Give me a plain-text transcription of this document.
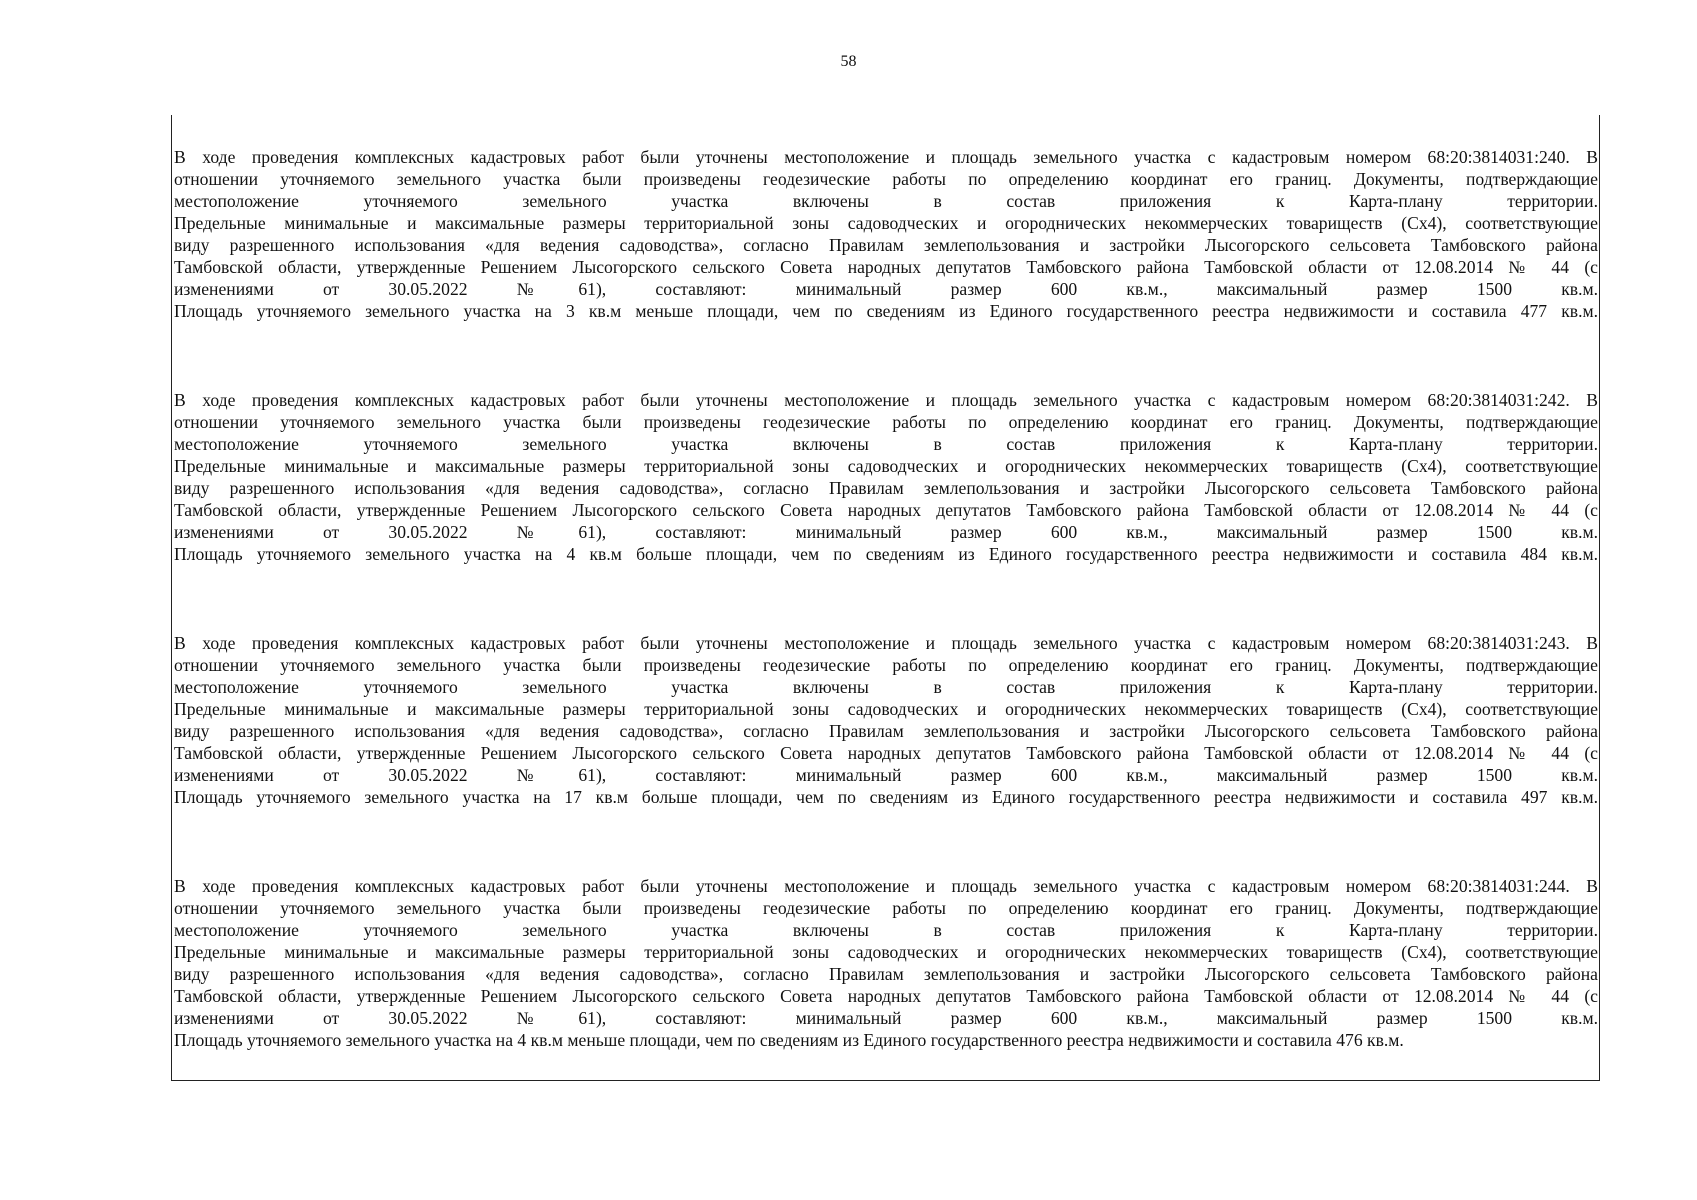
58
В ходе проведения комплексных кадастровых работ были уточнены местоположение и площадь земельного участка с кадастровым номером 68:20:3814031:240. В
отношении уточняемого земельного участка были произведены геодезические работы по определению координат его границ. Документы, подтверждающие
местоположение уточняемого земельного участка включены в состав приложения к Карта-плану территории.
Предельные минимальные и максимальные размеры территориальной зоны садоводческих и огороднических некоммерческих товариществ (Сх4), соответствующие
виду разрешенного использования «для ведения садоводства», согласно Правилам землепользования и застройки Лысогорского сельсовета Тамбовского района
Тамбовской области, утвержденные Решением Лысогорского сельского Совета народных депутатов Тамбовского района Тамбовской области от 12.08.2014 № 44 (с
изменениями от 30.05.2022 №61), составляют: минимальный размер 600 кв.м., максимальный размер 1500 кв.м.
Площадь уточняемого земельного участка на 3 кв.м меньше площади, чем по сведениям из Единого государственного реестра недвижимости и составила 477 кв.м.
В ходе проведения комплексных кадастровых работ были уточнены местоположение и площадь земельного участка с кадастровым номером 68:20:3814031:242. В
отношении уточняемого земельного участка были произведены геодезические работы по определению координат его границ. Документы, подтверждающие
местоположение уточняемого земельного участка включены в состав приложения к Карта-плану территории.
Предельные минимальные и максимальные размеры территориальной зоны садоводческих и огороднических некоммерческих товариществ (Сх4), соответствующие
виду разрешенного использования «для ведения садоводства», согласно Правилам землепользования и застройки Лысогорского сельсовета Тамбовского района
Тамбовской области, утвержденные Решением Лысогорского сельского Совета народных депутатов Тамбовского района Тамбовской области от 12.08.2014 № 44 (с
изменениями от 30.05.2022 №61), составляют: минимальный размер 600 кв.м., максимальный размер 1500 кв.м.
Площадь уточняемого земельного участка на 4 кв.м больше площади, чем по сведениям из Единого государственного реестра недвижимости и составила 484 кв.м.
В ходе проведения комплексных кадастровых работ были уточнены местоположение и площадь земельного участка с кадастровым номером 68:20:3814031:243. В
отношении уточняемого земельного участка были произведены геодезические работы по определению координат его границ. Документы, подтверждающие
местоположение уточняемого земельного участка включены в состав приложения к Карта-плану территории.
Предельные минимальные и максимальные размеры территориальной зоны садоводческих и огороднических некоммерческих товариществ (Сх4), соответствующие
виду разрешенного использования «для ведения садоводства», согласно Правилам землепользования и застройки Лысогорского сельсовета Тамбовского района
Тамбовской области, утвержденные Решением Лысогорского сельского Совета народных депутатов Тамбовского района Тамбовской области от 12.08.2014 № 44 (с
изменениями от 30.05.2022 №61), составляют: минимальный размер 600 кв.м., максимальный размер 1500 кв.м.
Площадь уточняемого земельного участка на 17 кв.м больше площади, чем по сведениям из Единого государственного реестра недвижимости и составила 497 кв.м.
В ходе проведения комплексных кадастровых работ были уточнены местоположение и площадь земельного участка с кадастровым номером 68:20:3814031:244. В
отношении уточняемого земельного участка были произведены геодезические работы по определению координат его границ. Документы, подтверждающие
местоположение уточняемого земельного участка включены в состав приложения к Карта-плану территории.
Предельные минимальные и максимальные размеры территориальной зоны садоводческих и огороднических некоммерческих товариществ (Сх4), соответствующие
виду разрешенного использования «для ведения садоводства», согласно Правилам землепользования и застройки Лысогорского сельсовета Тамбовского района
Тамбовской области, утвержденные Решением Лысогорского сельского Совета народных депутатов Тамбовского района Тамбовской области от 12.08.2014 № 44 (с
изменениями от 30.05.2022 №61), составляют: минимальный размер 600 кв.м., максимальный размер 1500 кв.м.
Площадь уточняемого земельного участка на 4 кв.м меньше площади, чем по сведениям из Единого государственного реестра недвижимости и составила 476 кв.м.
